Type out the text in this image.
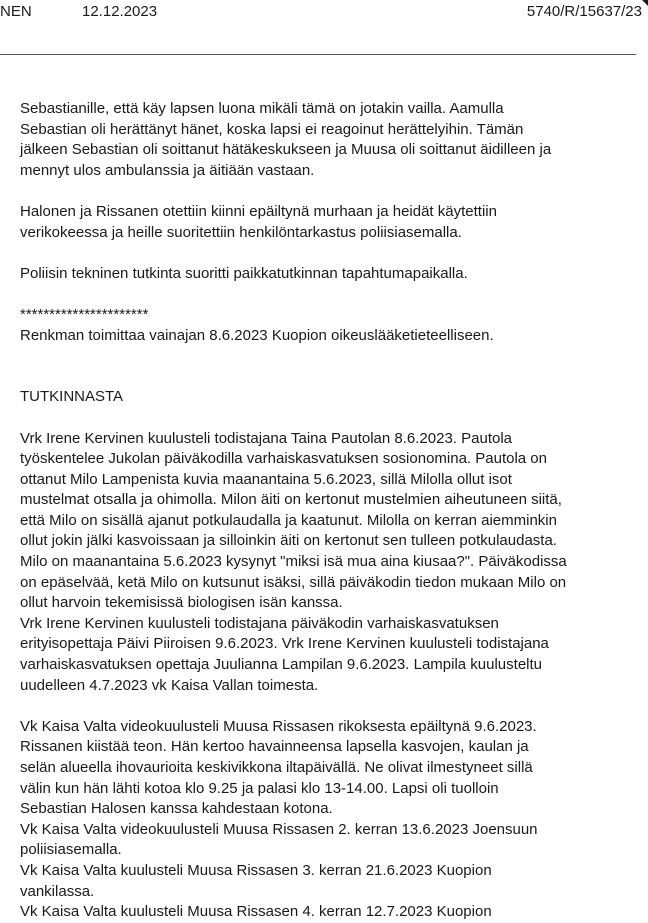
NEN	12.12.2023	5740/R/15637/23

Sebastianille, että käy lapsen luona mikäli tämä on jotakin vailla. Aamulla
Sebastian oli herättänyt hänet, koska lapsi ei reagoinut herättelyihin. Tämän
jälkeen Sebastian oli soittanut hätäkeskukseen ja Muusa oli soittanut äidilleen ja
mennyt ulos ambulanssia ja äitiään vastaan.

Halonen ja Rissanen otettiin kiinni epäiltynä murhaan ja heidät käytettiin
verikokeessa ja heille suoritettiin henkilöntarkastus poliisiasemalla.

Poliisin tekninen tutkinta suoritti paikkatutkinnan tapahtumapaikalla.

**********************

Renkman toimittaa vainajan 8.6.2023 Kuopion oikeuslääketieteelliseen.

TUTKINNASTA

Vrk Irene Kervinen kuulusteli todistajana Taina Pautolan 8.6.2023. Pautola
työskentelee Jukolan päiväkodilla varhaiskasvatuksen sosionomina. Pautola on
ottanut Milo Lampenista kuvia maanantaina 5.6.2023, sillä Milolla ollut isot
mustelmat otsalla ja ohimolla. Milon äiti on kertonut mustelmien aiheutuneen siitä,
että Milo on sisällä ajanut potkulaudalla ja kaatunut. Milolla on kerran aiemminkin
ollut jokin jälki kasvoissaan ja silloinkin äiti on kertonut sen tulleen potkulaudasta.
Milo on maanantaina 5.6.2023 kysynyt "miksi isä mua aina kiusaa?". Päiväkodissa
on epäselvää, ketä Milo on kutsunut isäksi, sillä päiväkodin tiedon mukaan Milo on
ollut harvoin tekemisissä biologisen isän kanssa.

Vrk Irene Kervinen kuulusteli todistajana päiväkodin varhaiskasvatuksen
erityisopettaja Päivi Piiroisen 9.6.2023. Vrk Irene Kervinen kuulusteli todistajana
varhaiskasvatuksen opettaja Juulianna Lampilan 9.6.2023. Lampila kuulusteltu
uudelleen 4.7.2023 vk Kaisa Vallan toimesta.

Vk Kaisa Valta videokuulusteli Muusa Rissasen rikoksesta epäiltynä 9.6.2023.
Rissanen kiistää teon. Hän kertoo havainneensa lapsella kasvojen, kaulan ja
selän alueella ihovaurioita keskivikkona iltapäivällä. Ne olivat ilmestyneet sillä
välin kun hän lähti kotoa klo 9.25 ja palasi klo 13-14.00. Lapsi oli tuolloin
Sebastian Halosen kanssa kahdestaan kotona.

Vk Kaisa Valta videokuulusteli Muusa Rissasen 2. kerran 13.6.2023 Joensuun
poliisiasemalla.

Vk Kaisa Valta kuulusteli Muusa Rissasen 3. kerran 21.6.2023 Kuopion
vankilassa.

Vk Kaisa Valta kuulusteli Muusa Rissasen 4. kerran 12.7.2023 Kuopion
